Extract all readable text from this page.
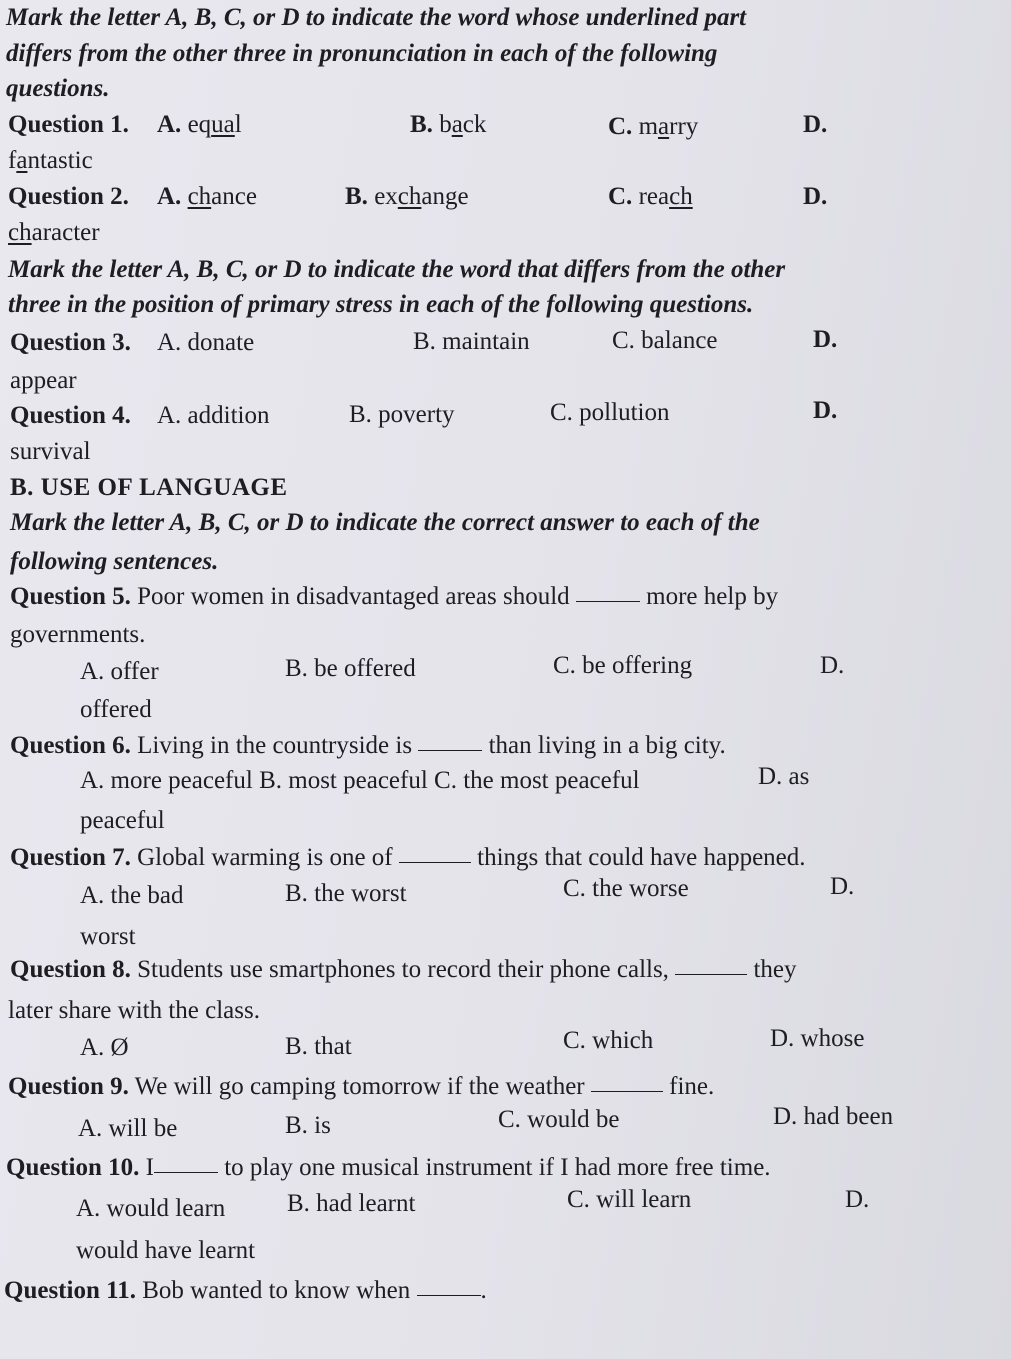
Mark the letter A, B, C, or D to indicate the word whose underlined part
differs from the other three in pronunciation in each of the following
questions.
Question 1. A. equal	B. back	C. marry	D.
fantastic
Question 2. A. chance	B. exchange	C. reach	D.
character
Mark the letter A, B, C, or D to indicate the word that differs from the other
three in the position of primary stress in each of the following questions.
Question 3. A. donate	B. maintain	C. balance	D.
appear
Question 4. A. addition	B. poverty	C. pollution	D.
survival
B. USE OF LANGUAGE
Mark the letter A, B, C, or D to indicate the correct answer to each of the
following sentences.
Question 5. Poor women in disadvantaged areas should	more help by
governments.
A. offer	B. be offered	C. be offering	D.
offered
Question 6. Living in the countryside is	than living in a big city.
A. more peaceful B. most peaceful C. the most peaceful	D. as
peaceful
Question 7. Global warming is one of	things that could have happened.
A. the bad	B. the worst	C. the worse	D.
worst
Question 8. Students use smartphones to record their phone calls,	they
later share with the class.
A. Ø	B. that	C. which	D. whose
Question 9. We will go camping tomorrow if the weather	fine.
A. will be	B. is	C. would be	D. had been
Question 10. I	to play one musical instrument if I had more free time.
A. would learn B. had learnt	C. will learn	D.
would have learnt
Question 11. Bob wanted to know when	.
